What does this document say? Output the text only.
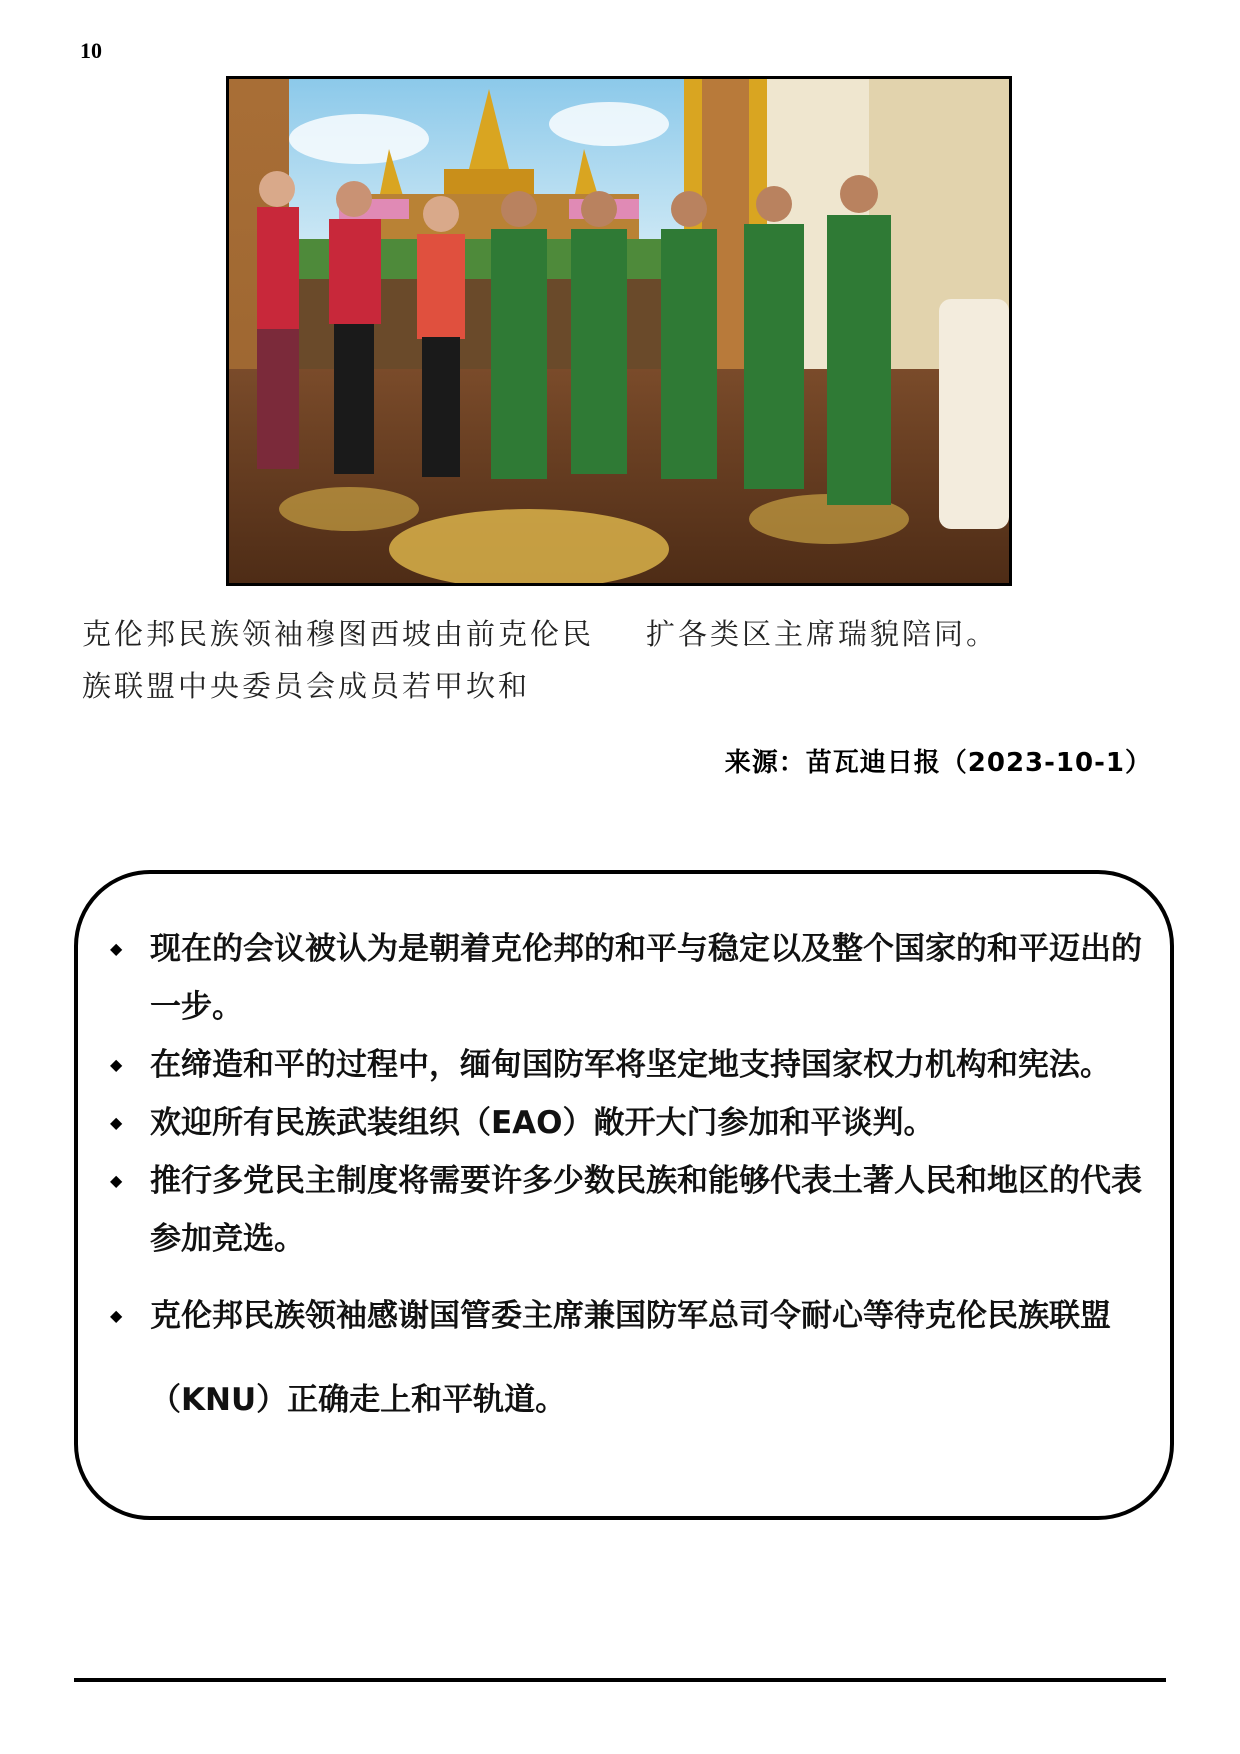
10

克伦邦民族领袖穆图西坡由前克伦民族联盟中央委员会成员若甲坎和

扩各类区主席瑞貌陪同。

来源：苗瓦迪日报（2023-10-1）
◆ 现在的会议被认为是朝着克伦邦的和平与稳定以及整个国家的和平迈出的一步。
◆ 在缔造和平的过程中，缅甸国防军将坚定地支持国家权力机构和宪法。
◆ 欢迎所有民族武装组织（EAO）敞开大门参加和平谈判。
◆ 推行多党民主制度将需要许多少数民族和能够代表土著人民和地区的代表参加竞选。
◆ 克伦邦民族领袖感谢国管委主席兼国防军总司令耐心等待克伦民族联盟（KNU）正确走上和平轨道。
